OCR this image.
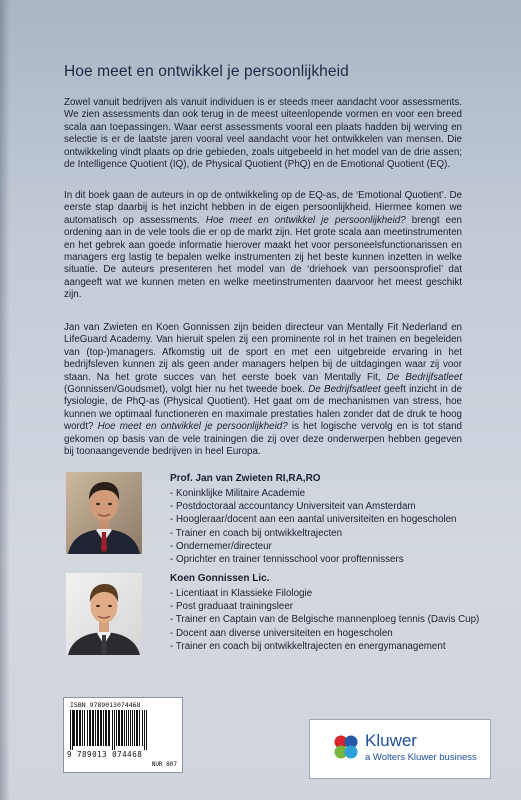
Hoe meet en ontwikkel je persoonlijkheid

Zowel vanuit bedrijven als vanuit individuen is er steeds meer aandacht voor assessments. We zien assessments dan ook terug in de meest uiteenlopende vormen en voor een breed scala aan toepassingen. Waar eerst assessments vooral een plaats hadden bij werving en selectie is er de laatste jaren vooral veel aandacht voor het ontwikkelen van mensen. Die ontwikkeling vindt plaats op drie gebieden, zoals uitgebeeld in het model van de drie assen; de Intelligence Quotient (IQ), de Physical Quotient (PhQ) en de Emotional Quotient (EQ).

In dit boek gaan de auteurs in op de ontwikkeling op de EQ-as, de ‘Emotional Quotient’. De eerste stap daarbij is het inzicht hebben in de eigen persoonlijkheid. Hiermee komen we automatisch op assessments. Hoe meet en ontwikkel je persoonlijkheid? brengt een ordening aan in de vele tools die er op de markt zijn. Het grote scala aan meetinstrumenten en het gebrek aan goede informatie hierover maakt het voor personeelsfunctionarissen en managers erg lastig te bepalen welke instrumenten zij het beste kunnen inzetten in welke situatie. De auteurs presenteren het model van de ‘driehoek van persoonsprofiel’ dat aangeeft wat we kunnen meten en welke meetinstrumenten daarvoor het meest geschikt zijn.

Jan van Zwieten en Koen Gonnissen zijn beiden directeur van Mentally Fit Nederland en LifeGuard Academy. Van hieruit spelen zij een prominente rol in het trainen en begeleiden van (top-)managers. Afkomstig uit de sport en met een uitgebreide ervaring in het bedrijfsleven kunnen zij als geen ander managers helpen bij de uitdagingen waar zij voor staan. Na het grote succes van het eerste boek van Mentally Fit, De Bedrijfsatleet (Gonnissen/Goudsmet), volgt hier nu het tweede boek. De Bedrijfsatleet geeft inzicht in de fysiologie, de PhQ-as (Physical Quotient). Het gaat om de mechanismen van stress, hoe kunnen we optimaal functioneren en maximale prestaties halen zonder dat de druk te hoog wordt? Hoe meet en ontwikkel je persoonlijkheid? is het logische vervolg en is tot stand gekomen op basis van de vele trainingen die zij over deze onderwerpen hebben gegeven bij toonaangevende bedrijven in heel Europa.

Prof. Jan van Zwieten RI,RA,RO
- Koninklijke Militaire Academie
- Postdoctoraal accountancy Universiteit van Amsterdam
- Hoogleraar/docent aan een aantal universiteiten en hogescholen
- Trainer en coach bij ontwikkeltrajecten
- Ondernemer/directeur
- Oprichter en trainer tennisschool voor proftennissers
Koen Gonnissen Lic.
- Licentiaat in Klassieke Filologie
- Post graduaat trainingsleer
- Trainer en Captain van de Belgische mannenploeg tennis (Davis Cup)
- Docent aan diverse universiteiten en hogescholen
- Trainer en coach bij ontwikkeltrajecten en energymanagement
ISBN 9789013074468
9 789013 074468
NUR 807
Kluwer
a Wolters Kluwer business
